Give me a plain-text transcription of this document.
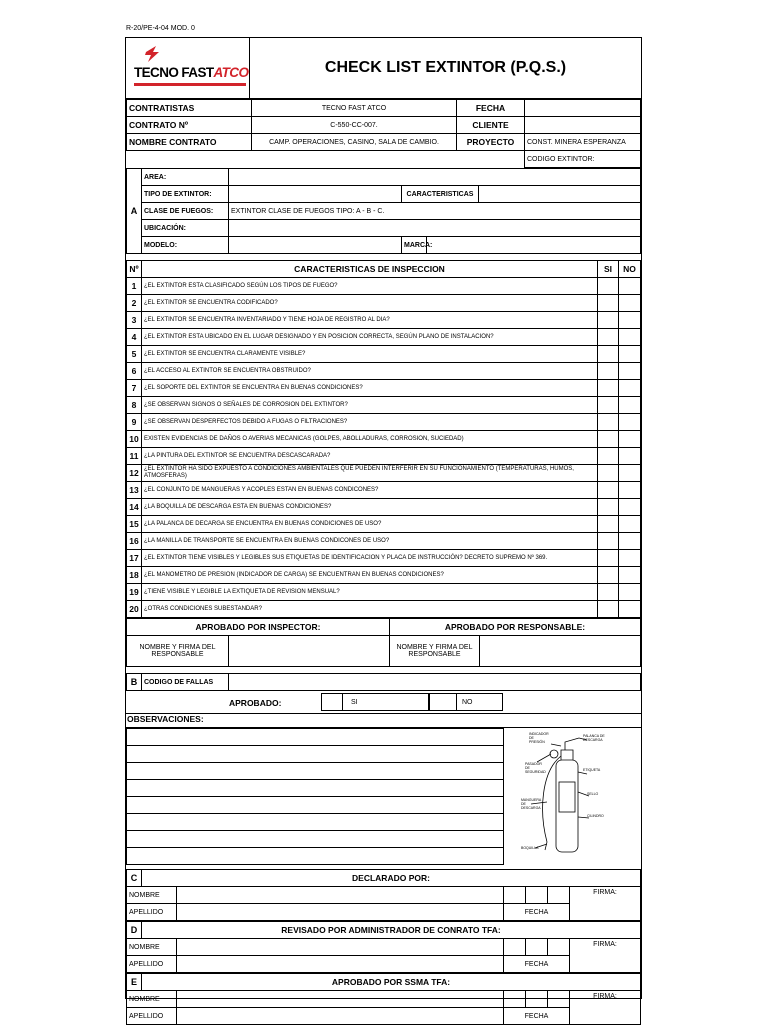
R-20/PE-4-04 MOD. 0
TECNO FASTATCO	CHECK LIST EXTINTOR (P.Q.S.)
CONTRATISTAS	TECNO FAST ATCO	FECHA	
CONTRATO Nº	C-550-CC-007.	CLIENTE	
NOMBRE CONTRATO	CAMP. OPERACIONES, CASINO, SALA DE CAMBIO.	PROYECTO	CONST. MINERA ESPERANZA
			CODIGO EXTINTOR:
A	AREA:				
	TIPO DE EXTINTOR:		CARACTERISTICAS		
	CLASE DE FUEGOS:	EXTINTOR CLASE DE FUEGOS TIPO: A - B - C.			
	UBICACIÓN:				
	MODELO:		MARCA:		
Nº	CARACTERISTICAS DE INSPECCION	SI	NO
1	¿EL EXTINTOR ESTA CLASIFICADO SEGÚN LOS TIPOS DE FUEGO?		
2	¿EL EXTINTOR SE ENCUENTRA CODIFICADO?		
3	¿EL EXTINTOR SE ENCUENTRA INVENTARIADO Y TIENE HOJA DE REGISTRO AL DIA?		
4	¿EL EXTINTOR ESTA UBICADO EN EL LUGAR DESIGNADO Y EN POSICION CORRECTA, SEGÚN PLANO DE INSTALACION?		
5	¿EL EXTINTOR SE ENCUENTRA CLARAMENTE VISIBLE?		
6	¿EL ACCESO AL EXTINTOR SE ENCUENTRA OBSTRUIDO?		
7	¿EL SOPORTE DEL EXTINTOR SE ENCUENTRA EN BUENAS CONDICIONES?		
8	¿SE OBSERVAN SIGNOS O SEÑALES DE CORROSION DEL EXTINTOR?		
9	¿SE OBSERVAN DESPERFECTOS DEBIDO A FUGAS O FILTRACIONES?		
10	EXISTEN EVIDENCIAS DE DAÑOS O AVERIAS MECANICAS (GOLPES, ABOLLADURAS, CORROSION, SUCIEDAD)		
11	¿LA PINTURA DEL EXTINTOR SE ENCUENTRA DESCASCARADA?		
12	¿EL EXTINTOR HA SIDO EXPUESTO A CONDICIONES AMBIENTALES QUE PUEDEN INTERFERIR EN SU FUNCIONAMIENTO (TEMPERATURAS, HUMOS, ATMOSFERAS)		
13	¿EL CONJUNTO DE MANGUERAS Y ACOPLES ESTAN EN BUENAS CONDICONES?		
14	¿LA BOQUILLA DE DESCARGA ESTA EN BUENAS CONDICIONES?		
15	¿LA PALANCA DE DECARGA SE ENCUENTRA EN BUENAS CONDICIONES DE USO?		
16	¿LA MANILLA DE TRANSPORTE SE ENCUENTRA EN BUENAS CONDICONES DE USO?		
17	¿EL EXTINTOR TIENE VISIBLES Y LEGIBLES SUS ETIQUETAS DE IDENTIFICACION Y PLACA DE INSTRUCCIÓN? DECRETO SUPREMO Nº 369.		
18	¿EL MANOMETRO DE PRESION (INDICADOR DE CARGA) SE ENCUENTRAN EN BUENAS CONDICIONES?		
19	¿TIENE VISIBLE Y LEGIBLE LA EXTIQUETA DE REVISION MENSUAL?		
20	¿OTRAS CONDICIONES SUBESTANDAR?		
APROBADO POR INSPECTOR:		APROBADO POR RESPONSABLE:	
NOMBRE Y FIRMA DEL RESPONSABLE		NOMBRE Y FIRMA DEL RESPONSABLE	
B	CODIGO DE FALLAS	
APROBADO:	SI	NO
OBSERVACIONES:

INDICADOR DE PRESIÓN
PALANCA DE DESCARGA
ETIQUETA
PASADOR DE SEGURIDAD
SELLO
MANGUERA DE DESCARGA
CILINDRO
BOQUILLA
C	DECLARADO POR:					
NOMBRE						FIRMA:
APELLIDO			FECHA			
D	REVISADO POR ADMINISTRADOR DE CONRATO TFA:					
NOMBRE						FIRMA:
APELLIDO			FECHA			
E	APROBADO POR SSMA TFA:					
NOMBRE						FIRMA:
APELLIDO			FECHA			
